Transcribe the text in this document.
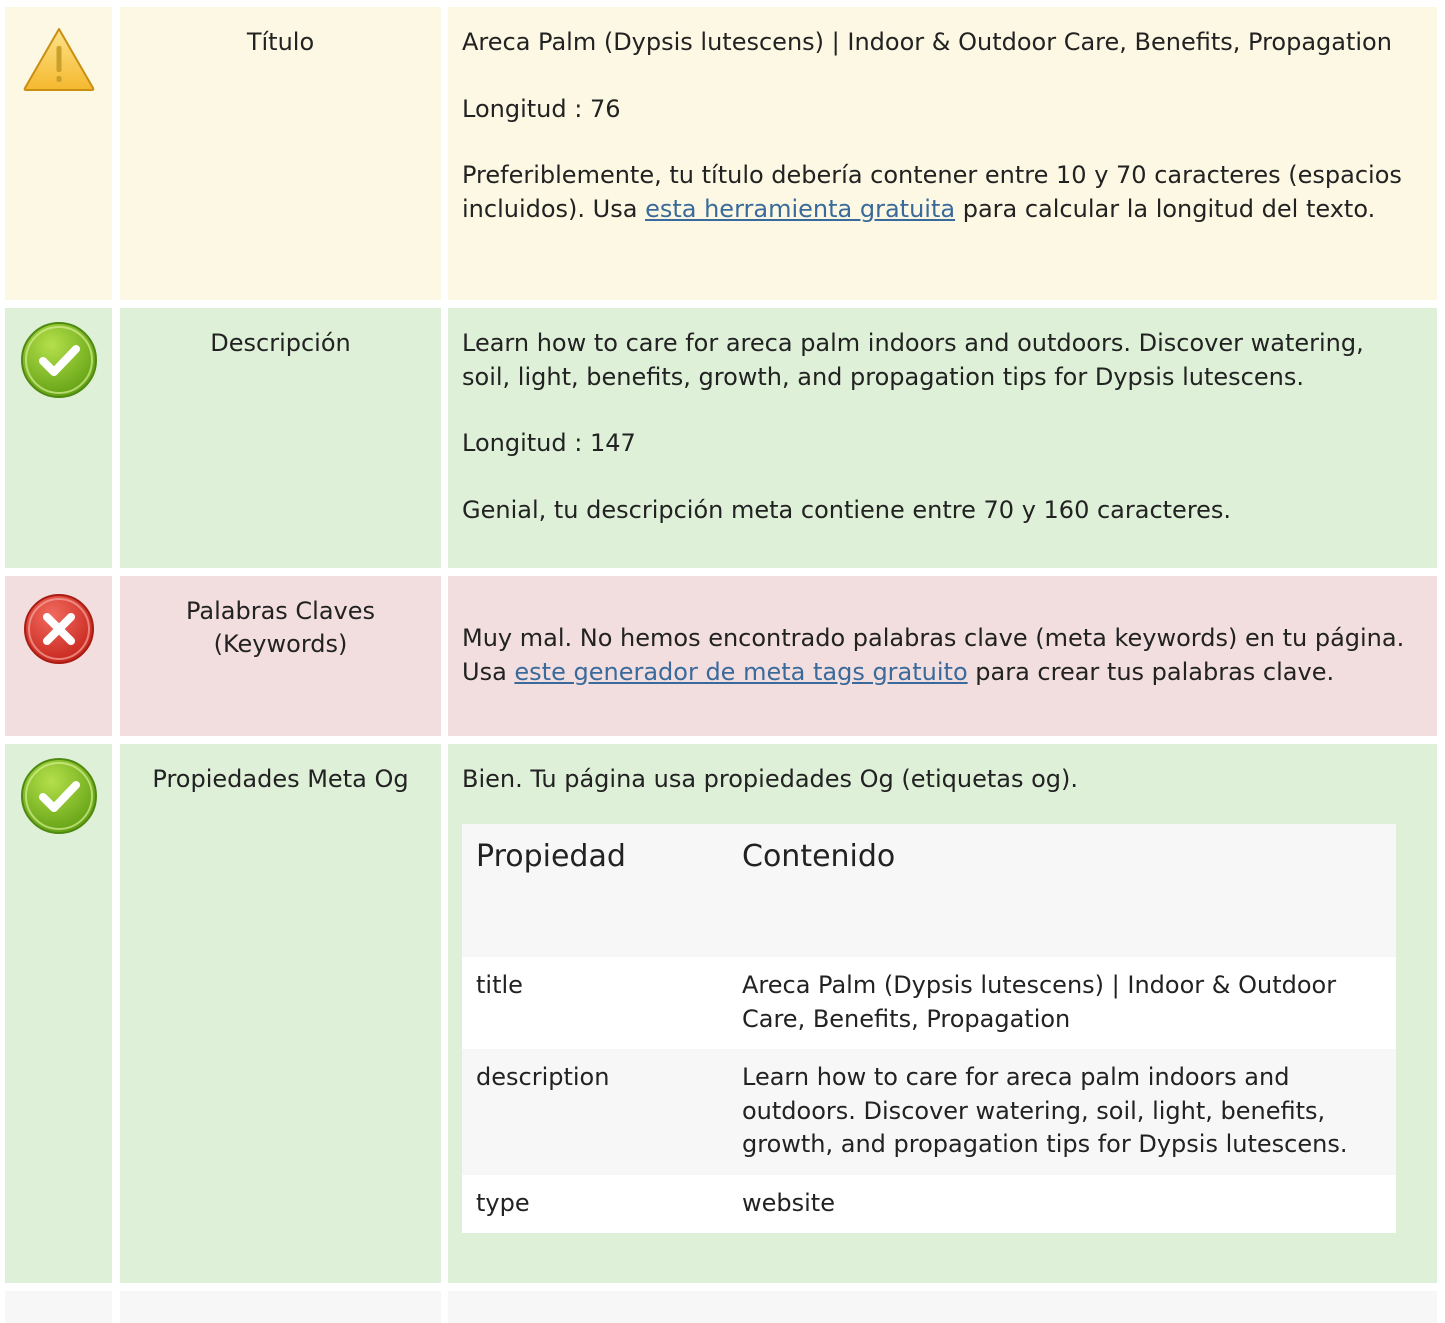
Título	Areca Palm (Dypsis lutescens) | Indoor & Outdoor Care, Benefits, Propagation

Longitud : 76

Preferiblemente, tu título debería contener entre 10 y 70 caracteres (espacios incluidos). Usa esta herramienta gratuita para calcular la longitud del texto.

Descripción	Learn how to care for areca palm indoors and outdoors. Discover watering, soil, light, benefits, growth, and propagation tips for Dypsis lutescens.

Longitud : 147

Genial, tu descripción meta contiene entre 70 y 160 caracteres.

Palabras Claves (Keywords)	Muy mal. No hemos encontrado palabras clave (meta keywords) en tu página. Usa este generador de meta tags gratuito para crear tus palabras clave.

Propiedades Meta Og	Bien. Tu página usa propiedades Og (etiquetas og).

Propiedad	Contenido
title	Areca Palm (Dypsis lutescens) | Indoor & Outdoor Care, Benefits, Propagation
description	Learn how to care for areca palm indoors and outdoors. Discover watering, soil, light, benefits, growth, and propagation tips for Dypsis lutescens.
type	website
